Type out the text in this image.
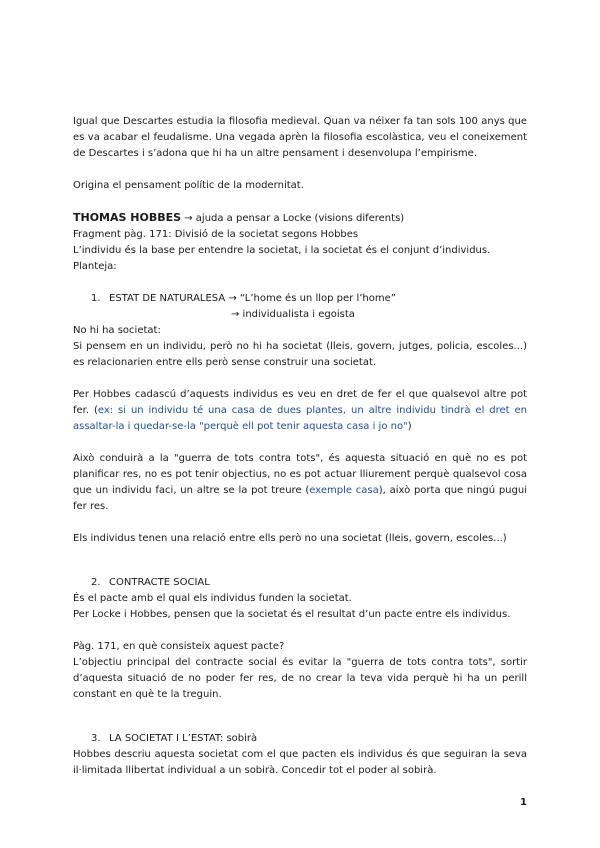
Igual que Descartes estudia la filosofia medieval. Quan va néixer fa tan sols 100 anys que es va acabar el feudalisme. Una vegada aprèn la filosofia escolàstica, veu el coneixement de Descartes i s’adona que hi ha un altre pensament i desenvolupa l’empirisme.

Origina el pensament polític de la modernitat.

THOMAS HOBBES → ajuda a pensar a Locke (visions diferents)

Fragment pàg. 171: Divisió de la societat segons Hobbes

L’individu és la base per entendre la societat, i la societat és el conjunt d’individus.

Planteja:

1. ESTAT DE NATURALESA → “L’home és un llop per l’home”

→ individualista i egoista

No hi ha societat:

Si pensem en un individu, però no hi ha societat (lleis, govern, jutges, policia, escoles...) es relacionarien entre ells però sense construir una societat.

Per Hobbes cadascú d’aquests individus es veu en dret de fer el que qualsevol altre pot fer. (ex: si un individu té una casa de dues plantes, un altre individu tindrà el dret en assaltar-la i quedar-se-la "perquè ell pot tenir aquesta casa i jo no")

Això conduirà a la "guerra de tots contra tots", és aquesta situació en què no es pot planificar res, no es pot tenir objectius, no es pot actuar lliurement perquè qualsevol cosa que un individu faci, un altre se la pot treure (exemple casa), això porta que ningú pugui fer res.

Els individus tenen una relació entre ells però no una societat (lleis, govern, escoles...)

2. CONTRACTE SOCIAL

És el pacte amb el qual els individus funden la societat.

Per Locke i Hobbes, pensen que la societat és el resultat d’un pacte entre els individus.

Pàg. 171, en què consisteix aquest pacte?

L’objectiu principal del contracte social és evitar la "guerra de tots contra tots", sortir d’aquesta situació de no poder fer res, de no crear la teva vida perquè hi ha un perill constant en què te la treguin.

3. LA SOCIETAT I L’ESTAT: sobirà

Hobbes descriu aquesta societat com el que pacten els individus és que seguiran la seva il·limitada llibertat individual a un sobirà. Concedir tot el poder al sobirà.

1
